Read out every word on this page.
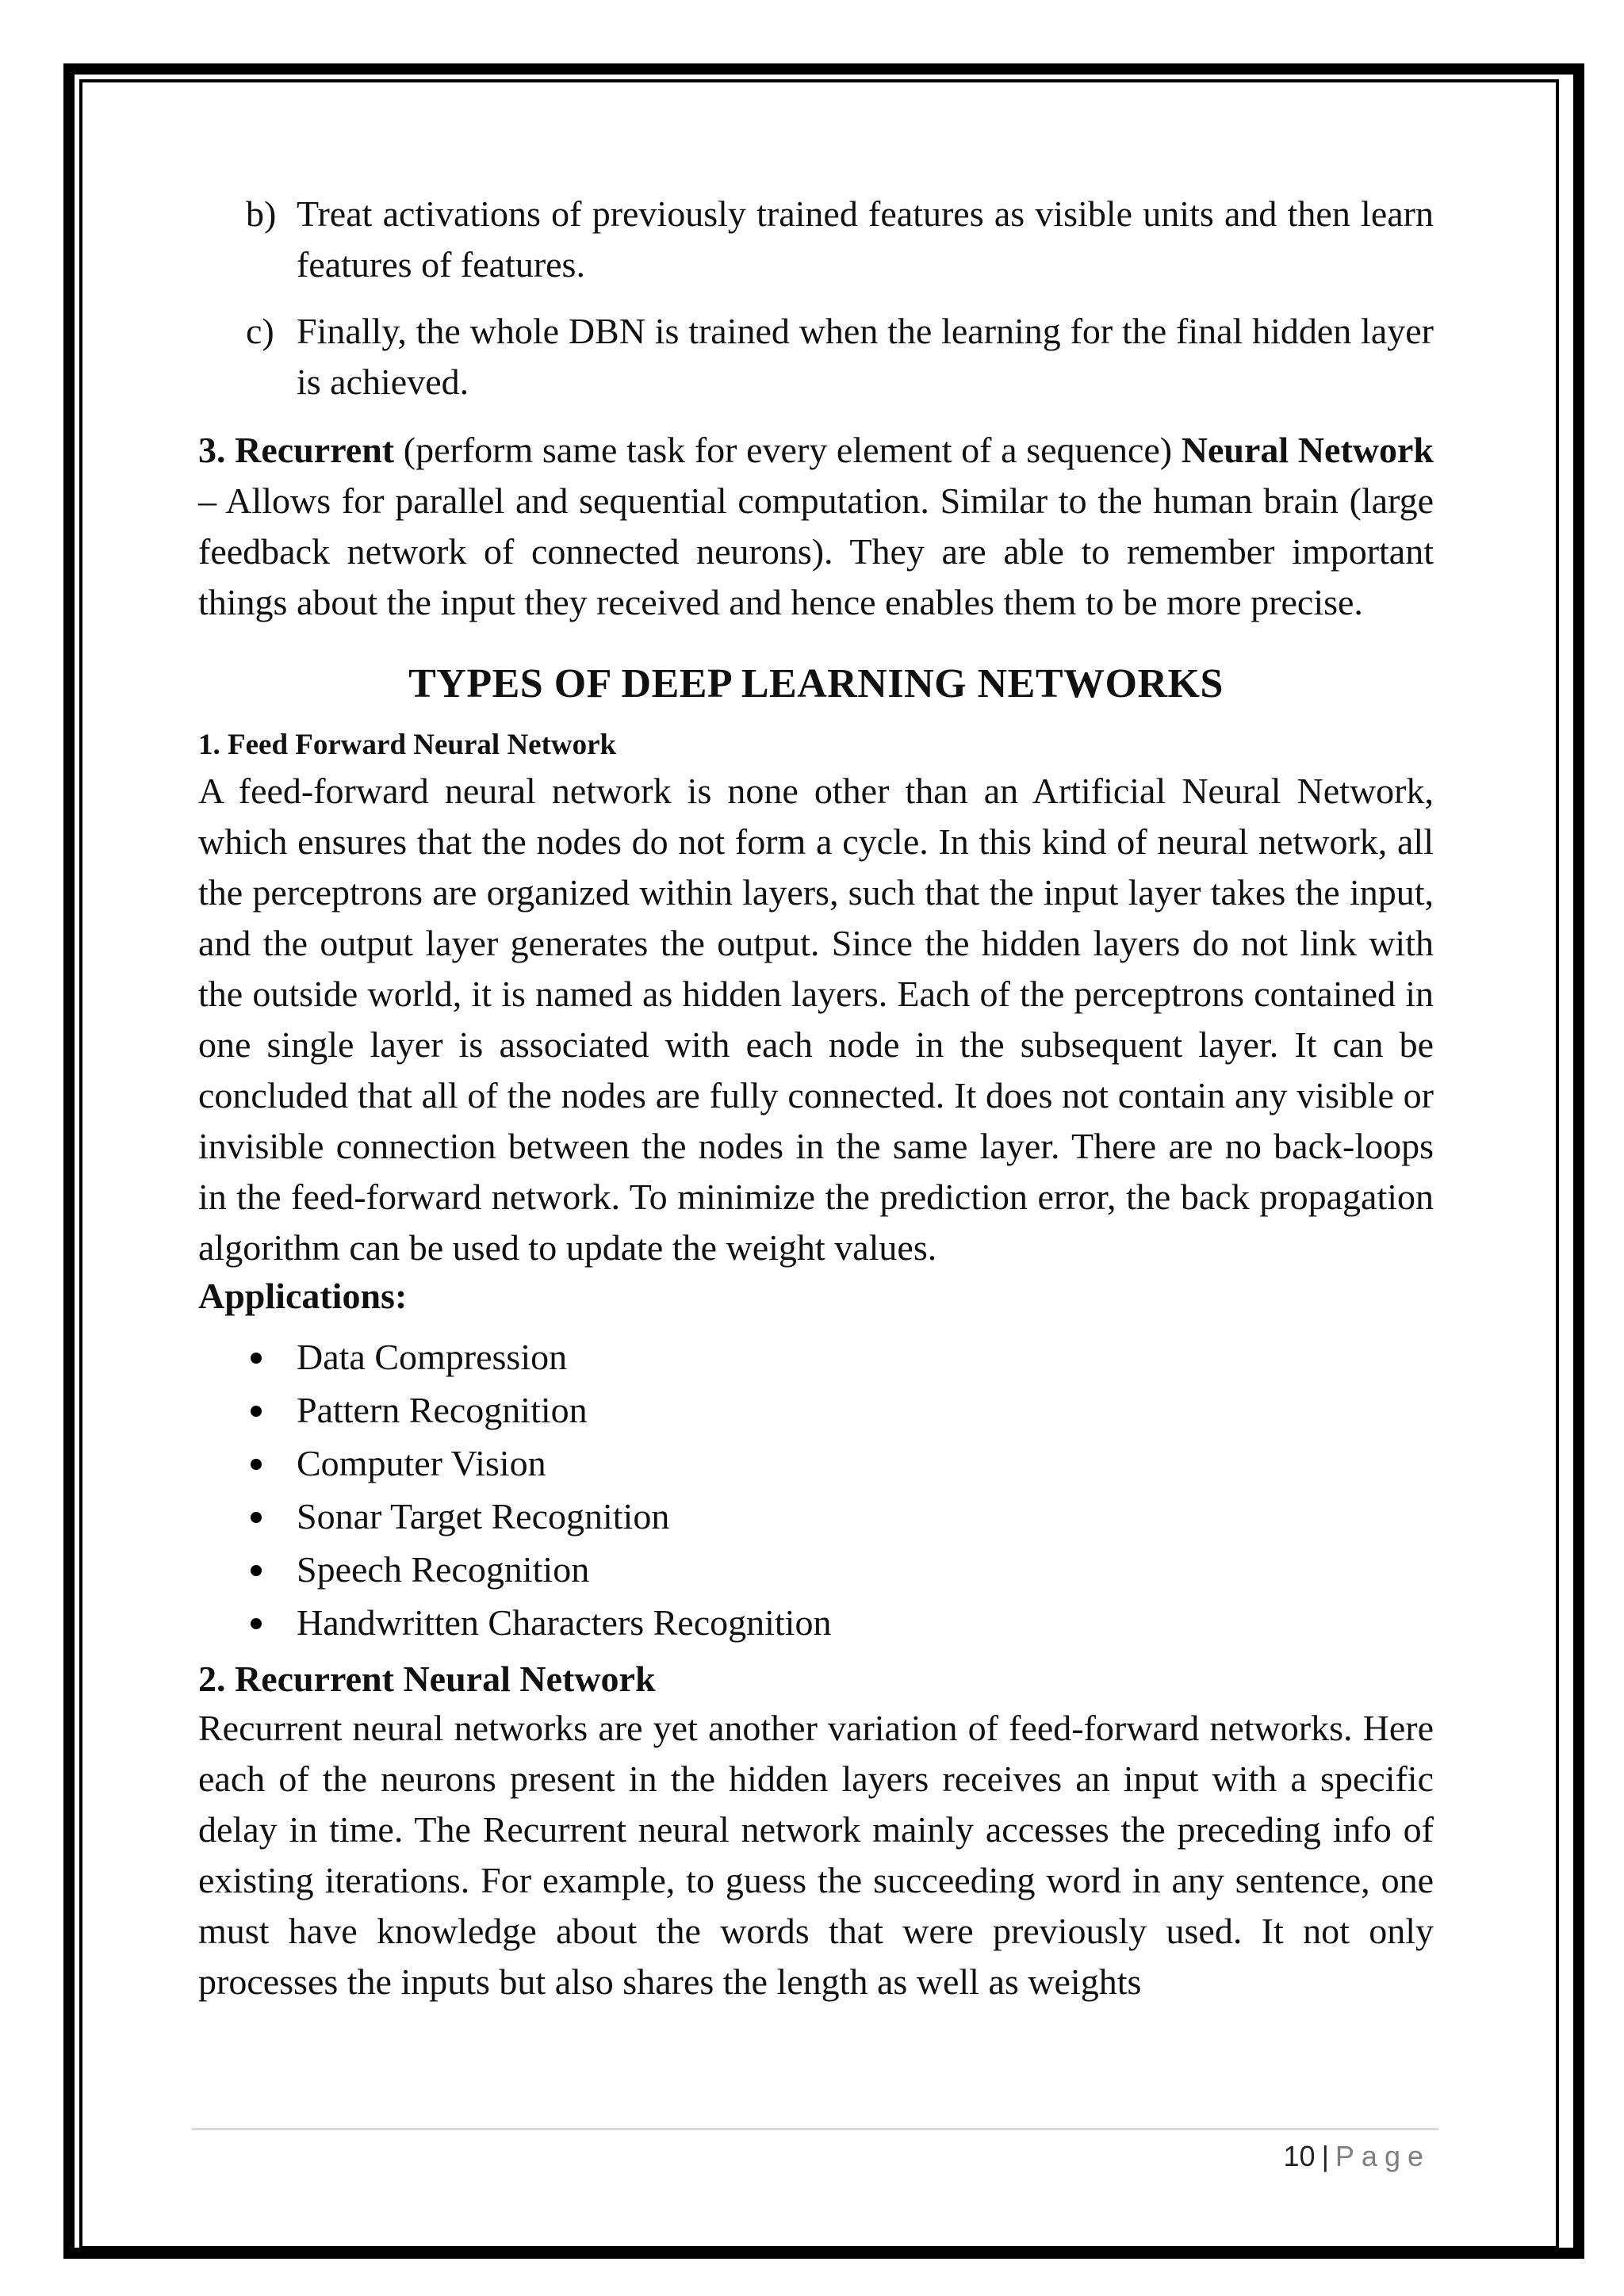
b) Treat activations of previously trained features as visible units and then learn features of features.

c) Finally, the whole DBN is trained when the learning for the final hidden layer is achieved.

3. Recurrent (perform same task for every element of a sequence) Neural Network – Allows for parallel and sequential computation. Similar to the human brain (large feedback network of connected neurons). They are able to remember important things about the input they received and hence enables them to be more precise.

TYPES OF DEEP LEARNING NETWORKS
1. Feed Forward Neural Network

A feed-forward neural network is none other than an Artificial Neural Network, which ensures that the nodes do not form a cycle. In this kind of neural network, all the perceptrons are organized within layers, such that the input layer takes the input, and the output layer generates the output. Since the hidden layers do not link with the outside world, it is named as hidden layers. Each of the perceptrons contained in one single layer is associated with each node in the subsequent layer. It can be concluded that all of the nodes are fully connected. It does not contain any visible or invisible connection between the nodes in the same layer. There are no back-loops in the feed-forward network. To minimize the prediction error, the back propagation algorithm can be used to update the weight values.

Applications:
Data Compression
Pattern Recognition
Computer Vision
Sonar Target Recognition
Speech Recognition
Handwritten Characters Recognition
2. Recurrent Neural Network

Recurrent neural networks are yet another variation of feed-forward networks. Here each of the neurons present in the hidden layers receives an input with a specific delay in time. The Recurrent neural network mainly accesses the preceding info of existing iterations. For example, to guess the succeeding word in any sentence, one must have knowledge about the words that were previously used. It not only processes the inputs but also shares the length as well as weights

10 | Page
